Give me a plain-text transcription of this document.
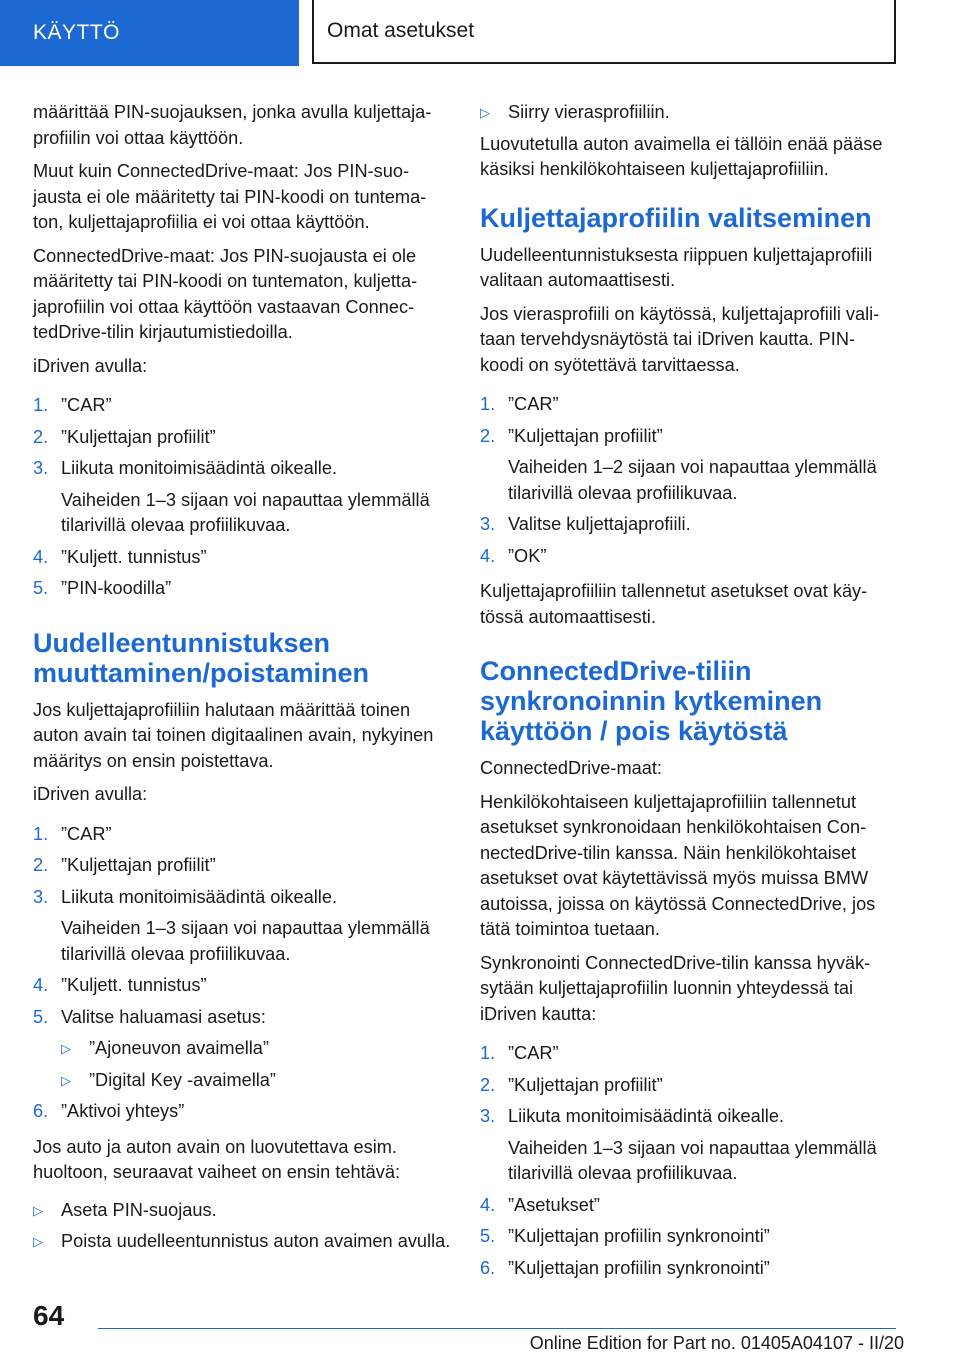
KÄYTTÖ	Omat asetukset

määrittää PIN-suojauksen, jonka avulla kuljettaja-profiilin voi ottaa käyttöön.

Muut kuin ConnectedDrive-maat: Jos PIN-suo-jausta ei ole määritetty tai PIN-koodi on tuntema-ton, kuljettajaprofiilia ei voi ottaa käyttöön.

ConnectedDrive-maat: Jos PIN-suojausta ei ole määritetty tai PIN-koodi on tuntematon, kuljetta-japrofiilin voi ottaa käyttöön vastaavan Connec-tedDrive-tilin kirjautumistiedoilla.

iDriven avulla:

1. ”CAR”
2. ”Kuljettajan profiilit”
3. Liikuta monitoimisäädintä oikealle.
Vaiheiden 1–3 sijaan voi napauttaa ylemmällä tilarivillä olevaa profiilikuvaa.
4. ”Kuljett. tunnistus”
5. ”PIN-koodilla”
Uudelleentunnistuksen muuttaminen/poistaminen

Jos kuljettajaprofiiliin halutaan määrittää toinen auton avain tai toinen digitaalinen avain, nykyinen määritys on ensin poistettava.

iDriven avulla:

1. ”CAR”
2. ”Kuljettajan profiilit”
3. Liikuta monitoimisäädintä oikealle.
Vaiheiden 1–3 sijaan voi napauttaa ylemmällä tilarivillä olevaa profiilikuvaa.
4. ”Kuljett. tunnistus”
5. Valitse haluamasi asetus:
▷ ”Ajoneuvon avaimella”
▷ ”Digital Key -avaimella”
6. ”Aktivoi yhteys”

Jos auto ja auton avain on luovutettava esim. huoltoon, seuraavat vaiheet on ensin tehtävä:

▷ Aseta PIN-suojaus.
▷ Poista uudelleentunnistus auton avaimen avulla.
▷ Siirry vierasprofiiliin.

Luovutetulla auton avaimella ei tällöin enää pääse käsiksi henkilökohtaiseen kuljettajaprofiiliin.

Kuljettajaprofiilin valitseminen

Uudelleentunnistuksesta riippuen kuljettajaprofiili valitaan automaattisesti.

Jos vierasprofiili on käytössä, kuljettajaprofiili vali-taan tervehdysnäytöstä tai iDriven kautta. PIN-koodi on syötettävä tarvittaessa.

1. ”CAR”
2. ”Kuljettajan profiilit”
Vaiheiden 1–2 sijaan voi napauttaa ylemmällä tilarivillä olevaa profiilikuvaa.
3. Valitse kuljettajaprofiili.
4. ”OK”

Kuljettajaprofiiliin tallennetut asetukset ovat käy-tössä automaattisesti.

ConnectedDrive-tiliin synkronoinnin kytkeminen käyttöön / pois käytöstä

ConnectedDrive-maat:

Henkilökohtaiseen kuljettajaprofiiliin tallennetut asetukset synkronoidaan henkilökohtaisen Con-nectedDrive-tilin kanssa. Näin henkilökohtaiset asetukset ovat käytettävissä myös muissa BMW autoissa, joissa on käytössä ConnectedDrive, jos tätä toimintoa tuetaan.

Synkronointi ConnectedDrive-tilin kanssa hyväk-sytään kuljettajaprofiilin luonnin yhteydessä tai iDriven kautta:

1. ”CAR”
2. ”Kuljettajan profiilit”
3. Liikuta monitoimisäädintä oikealle.
Vaiheiden 1–3 sijaan voi napauttaa ylemmällä tilarivillä olevaa profiilikuvaa.
4. ”Asetukset”
5. ”Kuljettajan profiilin synkronointi”
6. ”Kuljettajan profiilin synkronointi”
64
Online Edition for Part no. 01405A04107 - II/20
